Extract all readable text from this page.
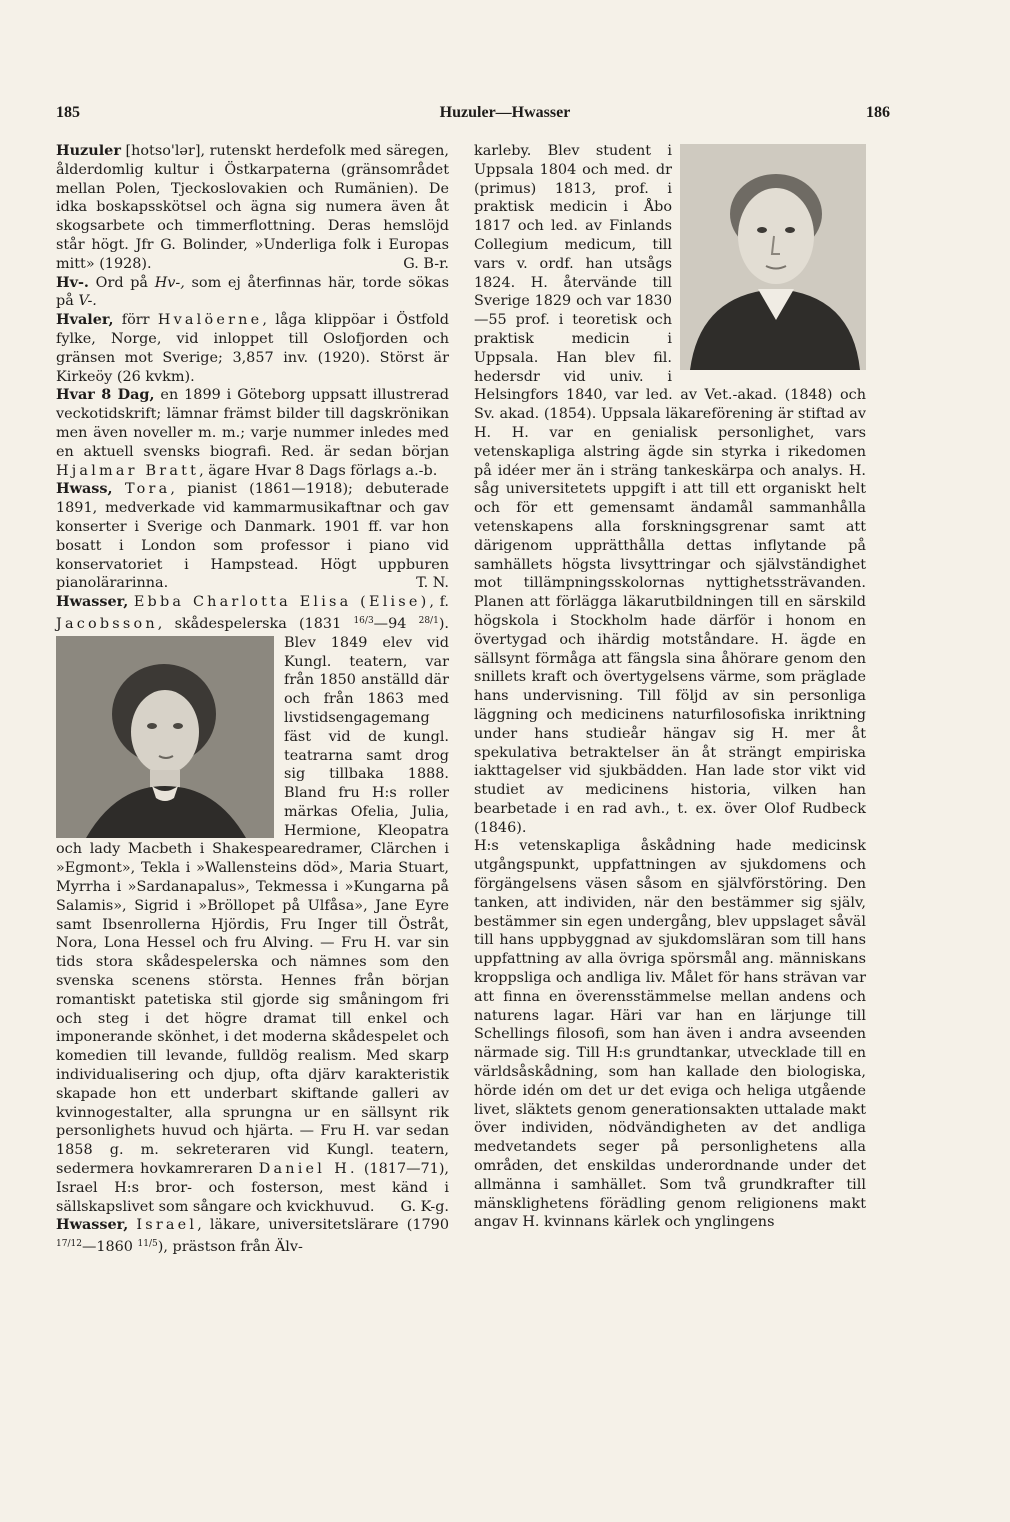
Huzuler—Hwasser
185	186

Huzuler [hotso'lər], rutenskt herdefolk med säregen, ålderdomlig kultur i Östkarpaterna (gränsområdet mellan Polen, Tjeckoslovakien och Rumänien). De idka boskapsskötsel och ägna sig numera även åt skogsarbete och timmerflottning. Deras hemslöjd står högt. Jfr G. Bolinder, »Underliga folk i Europas mitt» (1928).	G. B-r.

Hv-. Ord på Hv-, som ej återfinnas här, torde sökas på V-.

Hvaler, förr Hvalöerne, låga klippöar i Östfold fylke, Norge, vid inloppet till Oslofjorden och gränsen mot Sverige; 3,857 inv. (1920). Störst är Kirkeöy (26 kvkm).

Hvar 8 Dag, en 1899 i Göteborg uppsatt illustrerad veckotidskrift; lämnar främst bilder till dagskrönikan men även noveller m. m.; varje nummer inledes med en aktuell svensks biografi. Red. är sedan början Hjalmar Bratt, ägare Hvar 8 Dags förlags a.-b.

Hwass, Tora, pianist (1861—1918); debuterade 1891, medverkade vid kammarmusikaftnar och gav konserter i Sverige och Danmark. 1901 ff. var hon bosatt i London som professor i piano vid konservatoriet i Hampstead. Högt uppburen pianolärarinna.	T. N.

Hwasser, Ebba Charlotta Elisa (Elise), f. Jacobsson, skådespelerska (1831 $^{16/3}$—94 $^{28/1}$
). Blev 1849 elev vid Kungl. teatern, var från 1850 anställd där och från 1863 med livstidsengagemang fäst vid de kungl. teatrarna samt drog sig tillbaka 1888. Bland fru H:s roller märkas Ofelia, Julia, Hermione, Kleopatra och lady Macbeth i Shakespearedramer, Clärchen i »Egmont», Tekla i »Wallensteins död», Maria Stuart, Myrrha i »Sardanapalus», Tekmessa i »Kungarna på Salamis», Sigrid i »Bröllopet på Ulfåsa», Jane Eyre samt Ibsenrollerna Hjördis, Fru Inger till Östråt, Nora, Lona Hessel och fru Alving. — Fru H. var sin tids stora skådespelerska och nämnes som den svenska scenens största. Hennes från början romantiskt patetiska stil gjorde sig småningom fri och steg i det högre dramat till enkel och imponerande skönhet, i det moderna skådespelet och komedien till levande, fulldög realism. Med skarp individualisering och djup, ofta djärv karakteristik skapade hon ett underbart skiftande galleri av kvinnogestalter, alla sprungna ur en sällsynt rik personlighets huvud och hjärta. — Fru H. var sedan 1858 g. m. sekreteraren vid Kungl. teatern, sedermera hovkamreraren Daniel H. (1817—71), Israel H:s bror- och fosterson, mest känd i sällskapslivet som sångare och kvickhuvud. G. K-g.

Hwasser, Israel, läkare, universitetslärare (1790 $^{17/12}$—1860 $^{11/5}$), prästson från Älv-

karleby. Blev student i Uppsala 1804 och med. dr (primus) 1813, prof. i praktisk medicin i Åbo 1817 och led. av Finlands Collegium medicum, till vars v. ordf. han utsågs 1824. H. återvände till Sverige 1829 och var 1830—55 prof. i teoretisk och praktisk medicin i Uppsala. Han blev fil. hedersdr vid univ. i Helsingfors 1840, var led. av Vet.-akad. (1848) och Sv. akad. (1854). Uppsala läkareförening är stiftad av H. H. var en genialisk personlighet, vars vetenskapliga alstring ägde sin styrka i rikedomen på idéer mer än i sträng tankeskärpa och analys. H. såg universitetets uppgift i att till ett organiskt helt och för ett gemensamt ändamål sammanhålla vetenskapens alla forskningsgrenar samt att därigenom upprätthålla dettas inflytande på samhällets högsta livsyttringar och självständighet mot tillämpningsskolornas nyttighetssträvanden. Planen att förlägga läkarutbildningen till en särskild högskola i Stockholm hade därför i honom en övertygad och ihärdig motståndare. H. ägde en sällsynt förmåga att fängsla sina åhörare genom den snillets kraft och övertygelsens värme, som präglade hans undervisning. Till följd av sin personliga läggning och medicinens naturfilosofiska inriktning under hans studieår hängav sig H. mer åt spekulativa betraktelser än åt strängt empiriska iakttagelser vid sjukbädden. Han lade stor vikt vid studiet av medicinens historia, vilken han bearbetade i en rad avh., t. ex. över Olof Rudbeck (1846).

H:s vetenskapliga åskådning hade medicinsk utgångspunkt, uppfattningen av sjukdomens och förgängelsens väsen såsom en självförstöring. Den tanken, att individen, när den bestämmer sig själv, bestämmer sin egen undergång, blev uppslaget såväl till hans uppbyggnad av sjukdomsläran som till hans uppfattning av alla övriga spörsmål ang. människans kroppsliga och andliga liv. Målet för hans strävan var att finna en överensstämmelse mellan andens och naturens lagar. Häri var han en lärjunge till Schellings filosofi, som han även i andra avseenden närmade sig. Till H:s grundtankar, utvecklade till en världsåskådning, som han kallade den biologiska, hörde idén om det ur det eviga och heliga utgående livet, släktets genom generationsakten uttalade makt över individen, nödvändigheten av det andliga medvetandets seger på personlighetens alla områden, det enskildas underordnande under det allmänna i samhället. Som två grundkrafter till mänsklighetens förädling genom religionens makt angav H. kvinnans kärlek och ynglingens
